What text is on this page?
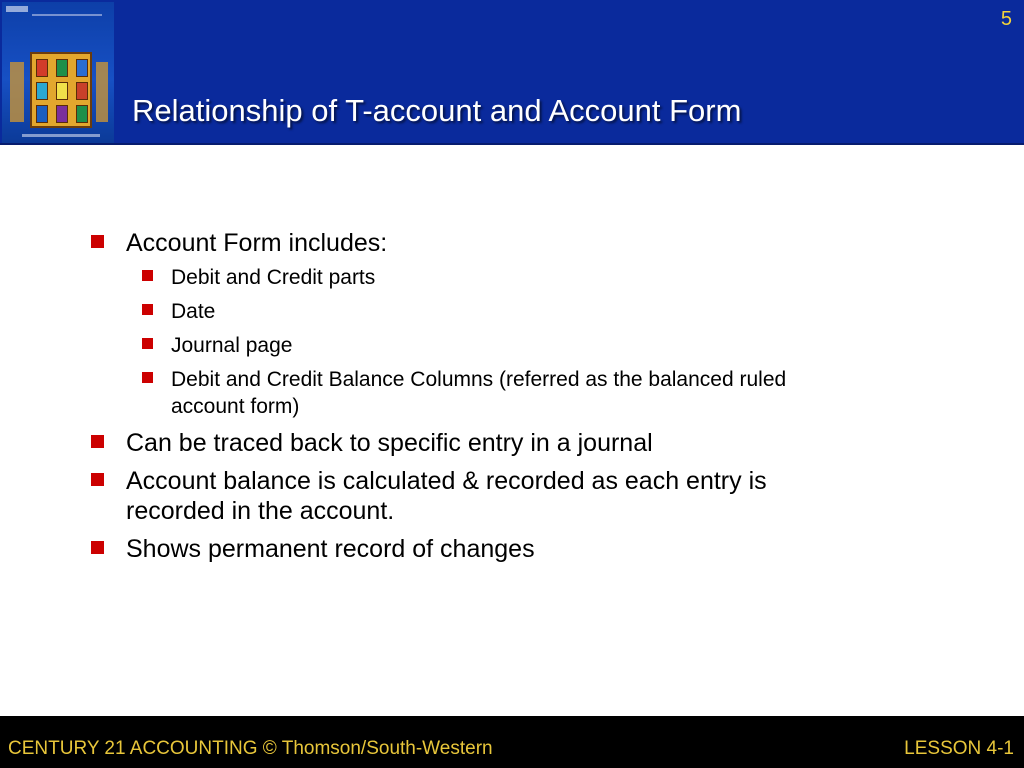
5
Relationship of T-account and Account Form
Account Form includes:
Debit and Credit parts
Date
Journal page
Debit and Credit Balance Columns (referred as the balanced ruled
account form)
Can be traced back to specific entry in a journal
Account balance is calculated & recorded as each entry is
recorded in the account.
Shows permanent record of changes
CENTURY 21 ACCOUNTING © Thomson/South-Western	LESSON 4-1
